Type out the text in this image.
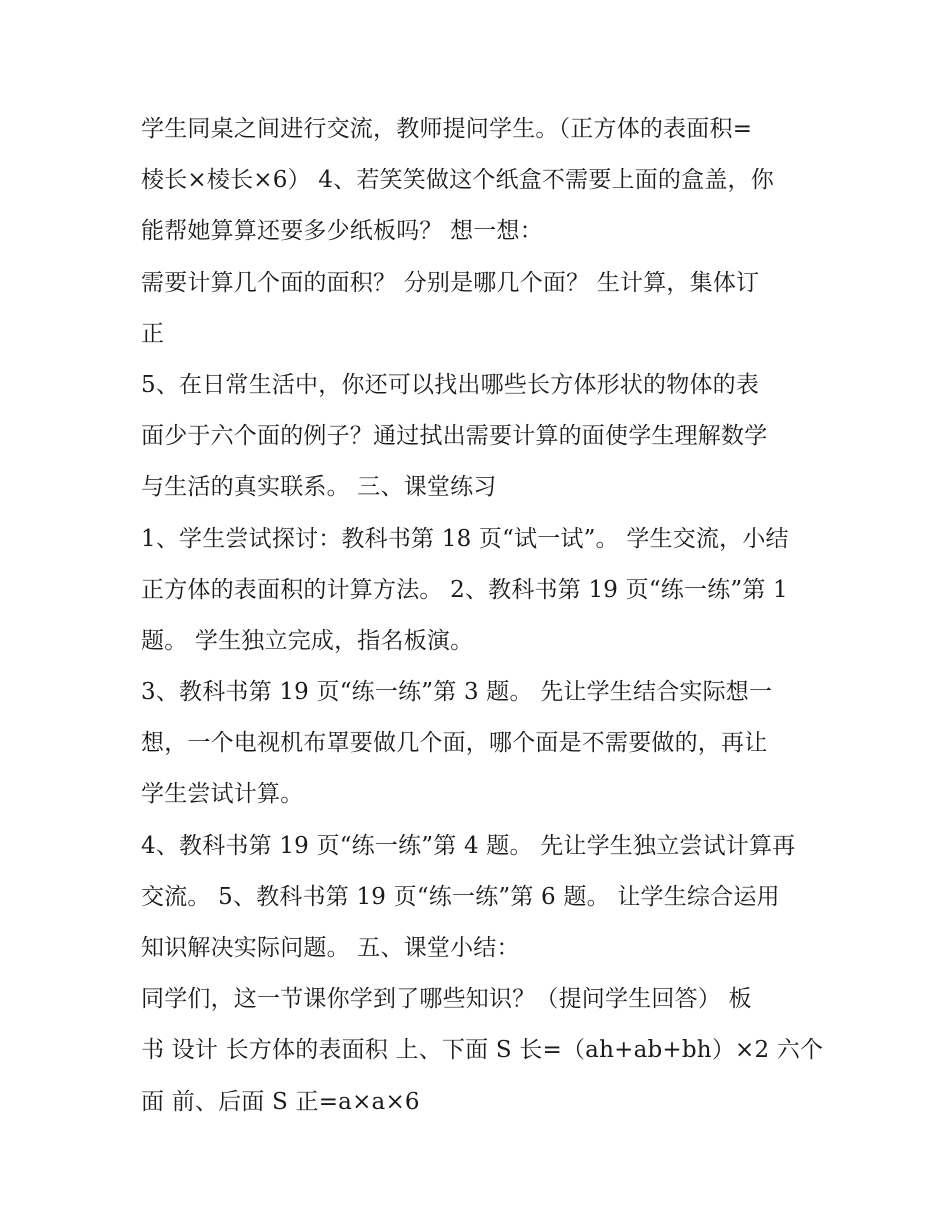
学生同桌之间进行交流，教师提问学生。（正方体的表面积=
棱长×棱长×6） 4、若笑笑做这个纸盒不需要上面的盒盖，你
能帮她算算还要多少纸板吗？ 想一想：
需要计算几个面的面积？ 分别是哪几个面？ 生计算，集体订
正
5、在日常生活中，你还可以找出哪些长方体形状的物体的表
面少于六个面的例子？通过拭出需要计算的面使学生理解数学
与生活的真实联系。 三、课堂练习
1、学生尝试探讨：教科书第 18 页“试一试”。 学生交流，小结
正方体的表面积的计算方法。 2、教科书第 19 页“练一练”第 1
题。 学生独立完成，指名板演。
3、教科书第 19 页“练一练”第 3 题。 先让学生结合实际想一
想，一个电视机布罩要做几个面，哪个面是不需要做的，再让
学生尝试计算。
4、教科书第 19 页“练一练”第 4 题。 先让学生独立尝试计算再
交流。 5、教科书第 19 页“练一练”第 6 题。 让学生综合运用
知识解决实际问题。 五、课堂小结：
同学们，这一节课你学到了哪些知识？（提问学生回答） 板
书 设计 长方体的表面积 上、下面 S 长=（ah+ab+bh）×2 六个
面 前、后面 S 正=a×a×6
